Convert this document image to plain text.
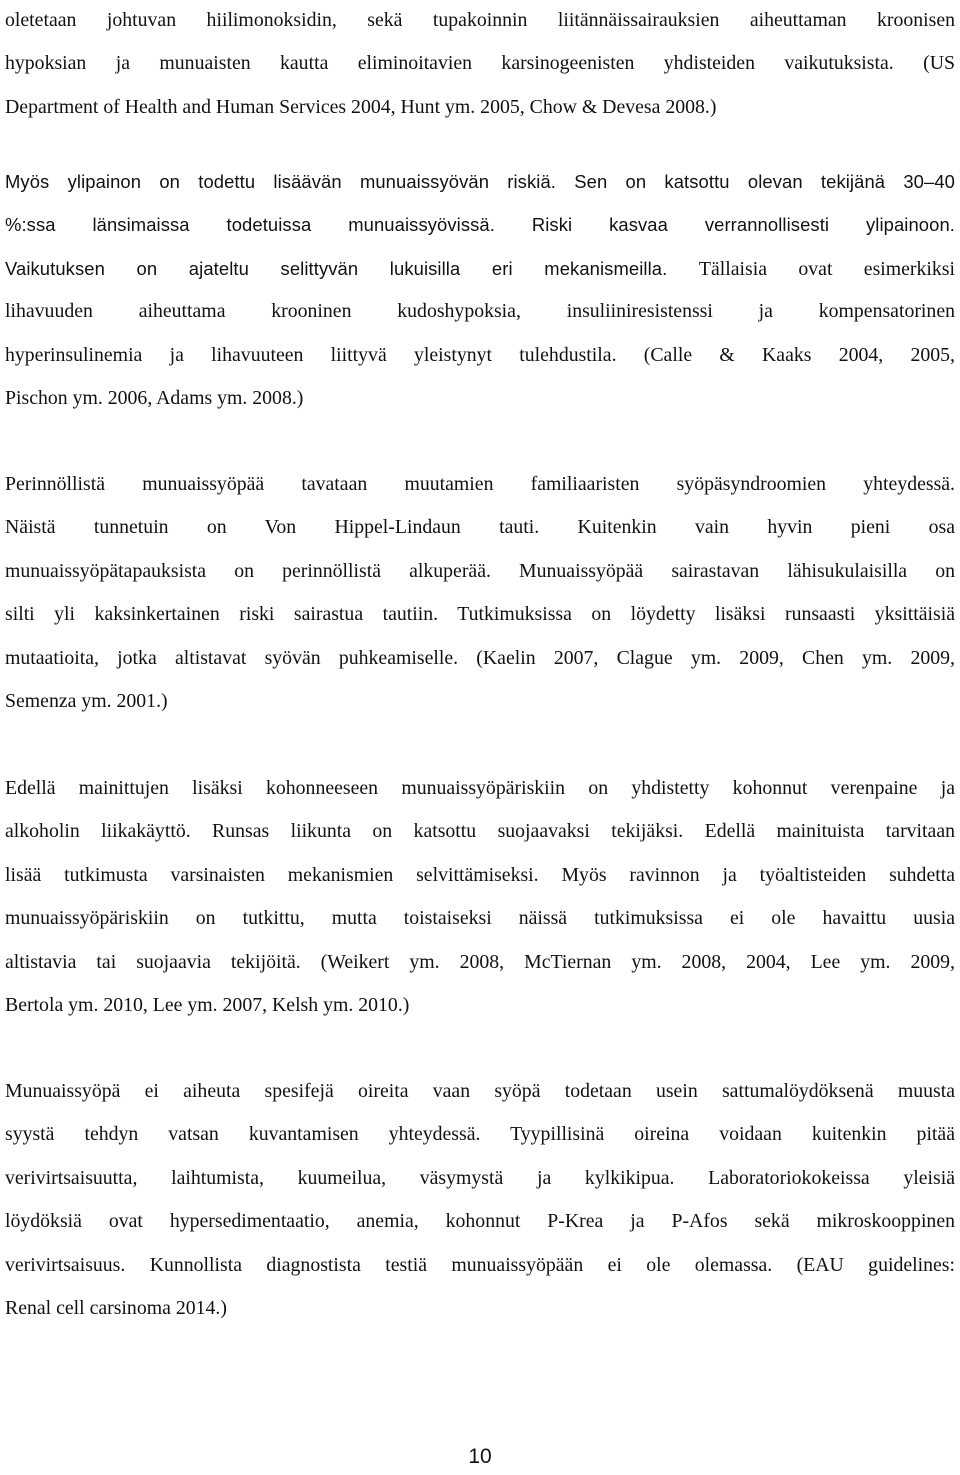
oletetaan johtuvan hiilimonoksidin, sekä tupakoinnin liitännäissairauksien aiheuttaman kroonisen
hypoksian ja munuaisten kautta eliminoitavien karsinogeenisten yhdisteiden vaikutuksista. (US
Department of Health and Human Services 2004, Hunt ym. 2005, Chow & Devesa 2008.)
Myös ylipainon on todettu lisäävän munuaissyövän riskiä. Sen on katsottu olevan tekijänä 30–40
%:ssa länsimaissa todetuissa munuaissyövissä. Riski kasvaa verrannollisesti ylipainoon.
Vaikutuksen on ajateltu selittyvän lukuisilla eri mekanismeilla. Tällaisia ovat esimerkiksi
lihavuuden aiheuttama krooninen kudoshypoksia, insuliiniresistenssi ja kompensatorinen
hyperinsulinemia ja lihavuuteen liittyvä yleistynyt tulehdustila. (Calle & Kaaks 2004, 2005,
Pischon ym. 2006, Adams ym. 2008.)
Perinnöllistä munuaissyöpää tavataan muutamien familiaaristen syöpäsyndroomien yhteydessä.
Näistä tunnetuin on Von Hippel-Lindaun tauti. Kuitenkin vain hyvin pieni osa
munuaissyöpätapauksista on perinnöllistä alkuperää. Munuaissyöpää sairastavan lähisukulaisilla on
silti yli kaksinkertainen riski sairastua tautiin. Tutkimuksissa on löydetty lisäksi runsaasti yksittäisiä
mutaatioita, jotka altistavat syövän puhkeamiselle. (Kaelin 2007, Clague ym. 2009, Chen ym. 2009,
Semenza ym. 2001.)
Edellä mainittujen lisäksi kohonneeseen munuaissyöpäriskiin on yhdistetty kohonnut verenpaine ja
alkoholin liikakäyttö. Runsas liikunta on katsottu suojaavaksi tekijäksi. Edellä mainituista tarvitaan
lisää tutkimusta varsinaisten mekanismien selvittämiseksi. Myös ravinnon ja työaltisteiden suhdetta
munuaissyöpäriskiin on tutkittu, mutta toistaiseksi näissä tutkimuksissa ei ole havaittu uusia
altistavia tai suojaavia tekijöitä. (Weikert ym. 2008, McTiernan ym. 2008, 2004, Lee ym. 2009,
Bertola ym. 2010, Lee ym. 2007, Kelsh ym. 2010.)
Munuaissyöpä ei aiheuta spesifejä oireita vaan syöpä todetaan usein sattumalöydöksenä muusta
syystä tehdyn vatsan kuvantamisen yhteydessä. Tyypillisinä oireina voidaan kuitenkin pitää
verivirtsaisuutta, laihtumista, kuumeilua, väsymystä ja kylkikipua. Laboratoriokokeissa yleisiä
löydöksiä ovat hypersedimentaatio, anemia, kohonnut P-Krea ja P-Afos sekä mikroskooppinen
verivirtsaisuus. Kunnollista diagnostista testiä munuaissyöpään ei ole olemassa. (EAU guidelines:
Renal cell carsinoma 2014.)
10
